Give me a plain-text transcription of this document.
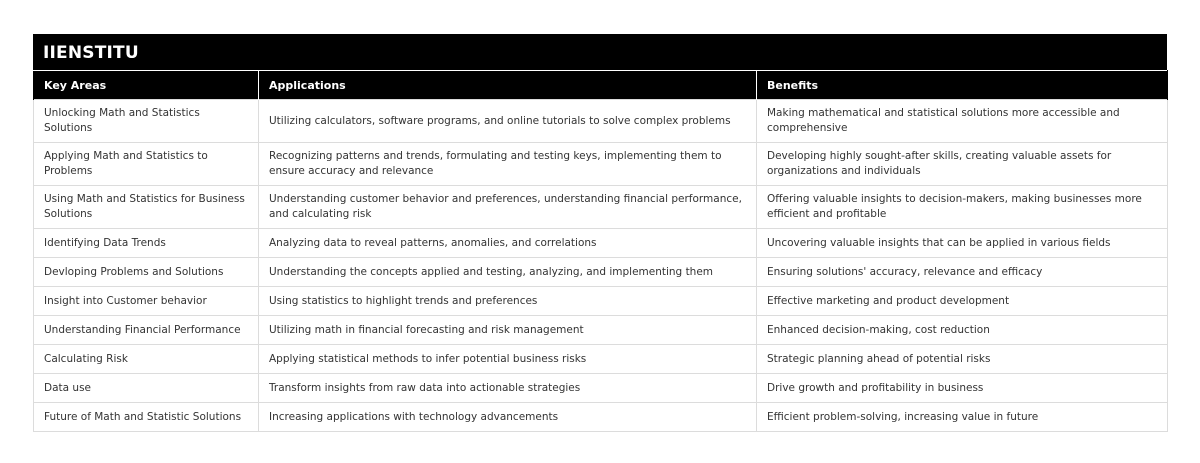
IIENSTITU
Key Areas	Applications	Benefits
Unlocking Math and Statistics Solutions	Utilizing calculators, software programs, and online tutorials to solve complex problems	Making mathematical and statistical solutions more accessible and comprehensive
Applying Math and Statistics to Problems	Recognizing patterns and trends, formulating and testing keys, implementing them to ensure accuracy and relevance	Developing highly sought-after skills, creating valuable assets for organizations and individuals
Using Math and Statistics for Business Solutions	Understanding customer behavior and preferences, understanding financial performance, and calculating risk	Offering valuable insights to decision-makers, making businesses more efficient and profitable
Identifying Data Trends	Analyzing data to reveal patterns, anomalies, and correlations	Uncovering valuable insights that can be applied in various fields
Devloping Problems and Solutions	Understanding the concepts applied and testing, analyzing, and implementing them	Ensuring solutions' accuracy, relevance and efficacy
Insight into Customer behavior	Using statistics to highlight trends and preferences	Effective marketing and product development
Understanding Financial Performance	Utilizing math in financial forecasting and risk management	Enhanced decision-making, cost reduction
Calculating Risk	Applying statistical methods to infer potential business risks	Strategic planning ahead of potential risks
Data use	Transform insights from raw data into actionable strategies	Drive growth and profitability in business
Future of Math and Statistic Solutions	Increasing applications with technology advancements	Efficient problem-solving, increasing value in future
